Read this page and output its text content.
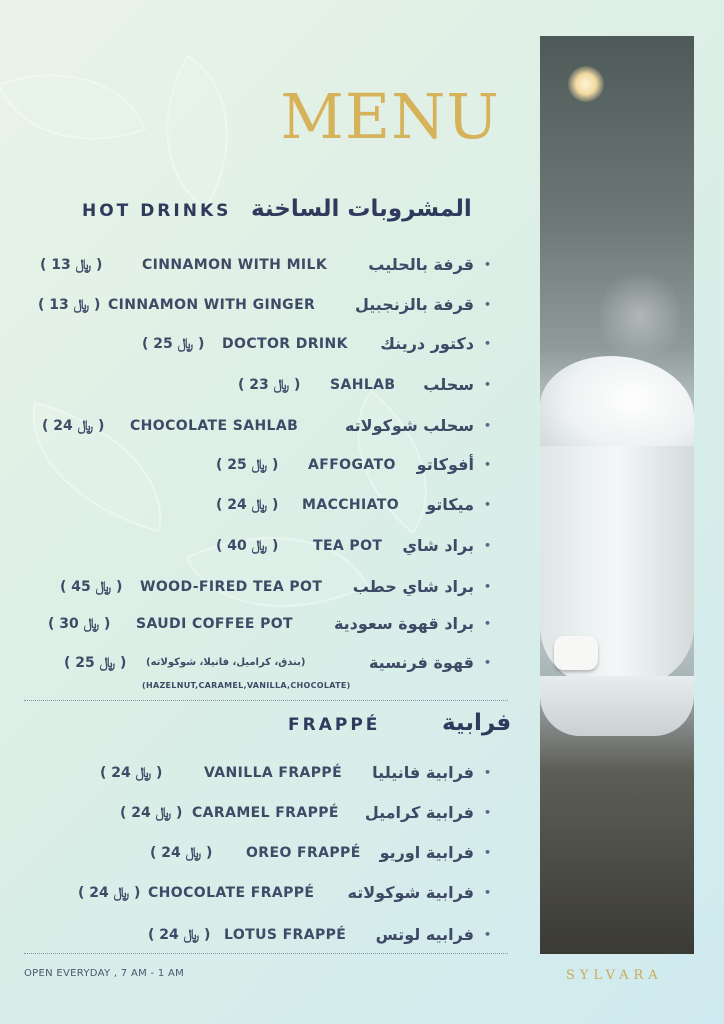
MENU
HOT DRINKS المشروبات الساخنة
( 13 ﷼ )	CINNAMON WITH MILK	قرفة بالحليب •
( 13 ﷼ ) CINNAMON WITH GINGER قرفة بالزنجبيل •
( 25 ﷼ ) DOCTOR DRINK دكتور درينك •
( 23 ﷼ ) SAHLAB سحلب •
( 24 ﷼ ) CHOCOLATE SAHLAB	سحلب شوكولاته •
( 25 ﷼ ) AFFOGATO أفوكاتو •
( 24 ﷼ ) MACCHIATO ميكاتو •
( 40 ﷼ ) TEA POT براد شاي •
( 45 ﷼ ) WOOD-FIRED TEA POT براد شاي حطب •
( 30 ﷼ ) SAUDI COFFEE POT	براد قهوة سعودية •
( 25 ﷼ ) (بندق، كراميل، فانيلا، شوكولاته)	قهوة فرنسية •
(HAZELNUT,CARAMEL,VANILLA,CHOCOLATE)
FRAPPÉ	فرابية
( 24 ﷼ )	VANILLA FRAPPÉ فرابية فانيليا •
( 24 ﷼ ) CARAMEL FRAPPÉ فرابية كراميل •
( 24 ﷼ ) OREO FRAPPÉ فرابية اوريو •
( 24 ﷼ ) CHOCOLATE FRAPPÉ فرابية شوكولاته •
( 24 ﷼ ) LOTUS FRAPPÉ فرابيه لوتس •
OPEN EVERYDAY , 7 AM - 1 AM	SYLVARA
